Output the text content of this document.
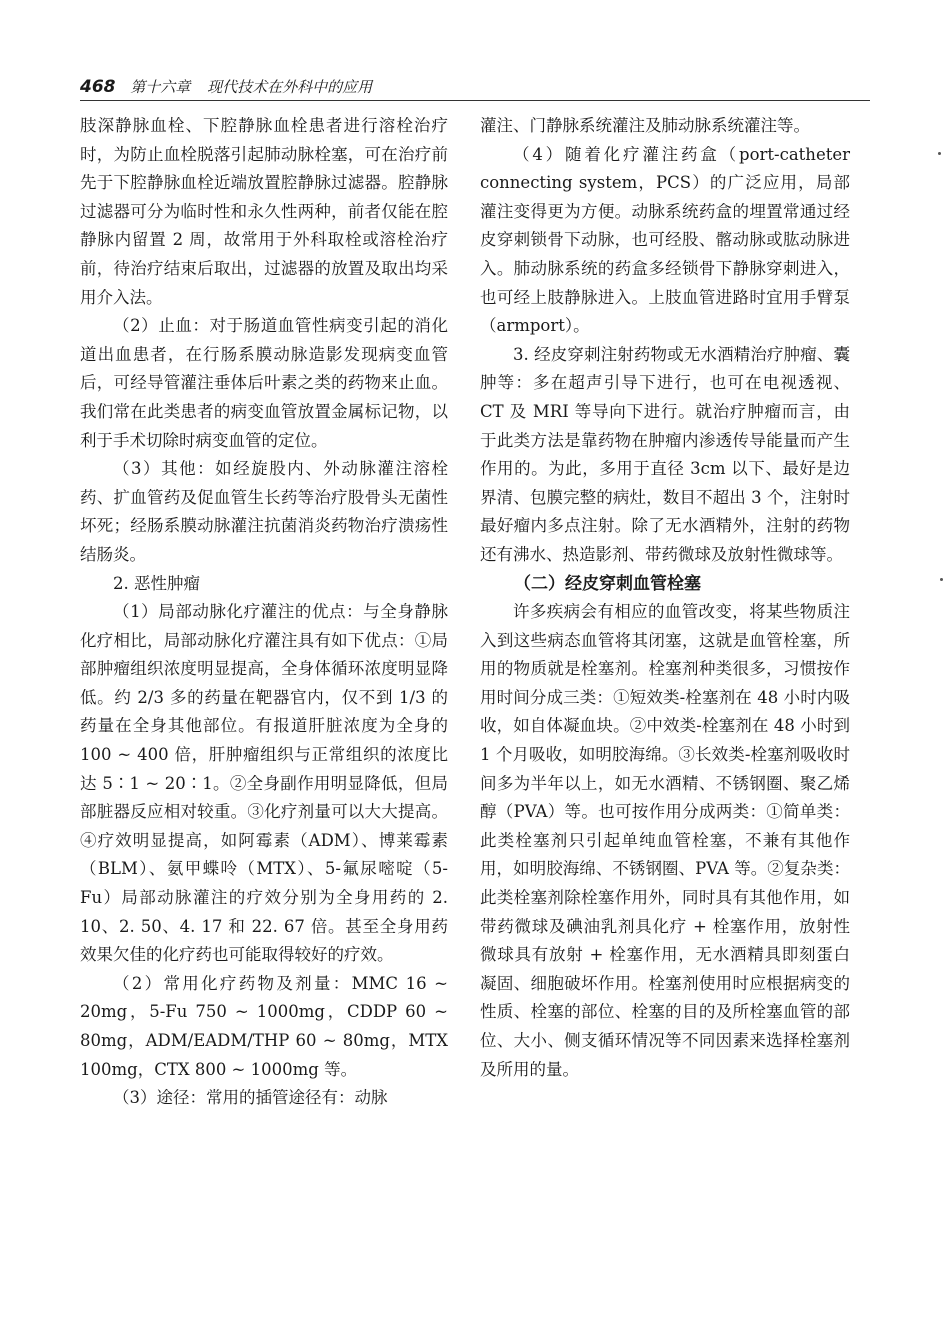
468 第十六章 现代技术在外科中的应用

肢深静脉血栓、下腔静脉血栓患者进行溶栓治疗时，为防止血栓脱落引起肺动脉栓塞，可在治疗前先于下腔静脉血栓近端放置腔静脉过滤器。腔静脉过滤器可分为临时性和永久性两种，前者仅能在腔静脉内留置 2 周，故常用于外科取栓或溶栓治疗前，待治疗结束后取出，过滤器的放置及取出均采用介入法。

（2）止血：对于肠道血管性病变引起的消化道出血患者，在行肠系膜动脉造影发现病变血管后，可经导管灌注垂体后叶素之类的药物来止血。我们常在此类患者的病变血管放置金属标记物，以利于手术切除时病变血管的定位。

（3）其他：如经旋股内、外动脉灌注溶栓药、扩血管药及促血管生长药等治疗股骨头无菌性坏死；经肠系膜动脉灌注抗菌消炎药物治疗溃疡性结肠炎。

2. 恶性肿瘤

（1）局部动脉化疗灌注的优点：与全身静脉化疗相比，局部动脉化疗灌注具有如下优点：①局部肿瘤组织浓度明显提高，全身体循环浓度明显降低。约 2/3 多的药量在靶器官内，仅不到 1/3 的药量在全身其他部位。有报道肝脏浓度为全身的 100 ~ 400 倍，肝肿瘤组织与正常组织的浓度比达 5∶1 ~ 20∶1。②全身副作用明显降低，但局部脏器反应相对较重。③化疗剂量可以大大提高。④疗效明显提高，如阿霉素（ADM）、博莱霉素（BLM）、氨甲蝶呤（MTX）、5-氟尿嘧啶（5-Fu）局部动脉灌注的疗效分别为全身用药的 2. 10、2. 50、4. 17 和 22. 67 倍。甚至全身用药效果欠佳的化疗药也可能取得较好的疗效。

（2）常用化疗药物及剂量：MMC 16 ~ 20mg，5-Fu 750 ~ 1000mg，CDDP 60 ~ 80mg，ADM/EADM/THP 60 ~ 80mg，MTX 100mg，CTX 800 ~ 1000mg 等。

（3）途径：常用的插管途径有：动脉

灌注、门静脉系统灌注及肺动脉系统灌注等。

（4）随着化疗灌注药盒（port-catheter connecting system，PCS）的广泛应用，局部灌注变得更为方便。动脉系统药盒的埋置常通过经皮穿刺锁骨下动脉，也可经股、髂动脉或肱动脉进入。肺动脉系统的药盒多经锁骨下静脉穿刺进入，也可经上肢静脉进入。上肢血管进路时宜用手臂泵（armport）。

3. 经皮穿刺注射药物或无水酒精治疗肿瘤、囊肿等：多在超声引导下进行，也可在电视透视、CT 及 MRI 等导向下进行。就治疗肿瘤而言，由于此类方法是靠药物在肿瘤内渗透传导能量而产生作用的。为此，多用于直径 3cm 以下、最好是边界清、包膜完整的病灶，数目不超出 3 个，注射时最好瘤内多点注射。除了无水酒精外，注射的药物还有沸水、热造影剂、带药微球及放射性微球等。

（二）经皮穿刺血管栓塞

许多疾病会有相应的血管改变，将某些物质注入到这些病态血管将其闭塞，这就是血管栓塞，所用的物质就是栓塞剂。栓塞剂种类很多，习惯按作用时间分成三类：①短效类-栓塞剂在 48 小时内吸收，如自体凝血块。②中效类-栓塞剂在 48 小时到 1 个月吸收，如明胶海绵。③长效类-栓塞剂吸收时间多为半年以上，如无水酒精、不锈钢圈、聚乙烯醇（PVA）等。也可按作用分成两类：①简单类：此类栓塞剂只引起单纯血管栓塞，不兼有其他作用，如明胶海绵、不锈钢圈、PVA 等。②复杂类：此类栓塞剂除栓塞作用外，同时具有其他作用，如带药微球及碘油乳剂具化疗 + 栓塞作用，放射性微球具有放射 + 栓塞作用，无水酒精具即刻蛋白凝固、细胞破坏作用。栓塞剂使用时应根据病变的性质、栓塞的部位、栓塞的目的及所栓塞血管的部位、大小、侧支循环情况等不同因素来选择栓塞剂及所用的量。
